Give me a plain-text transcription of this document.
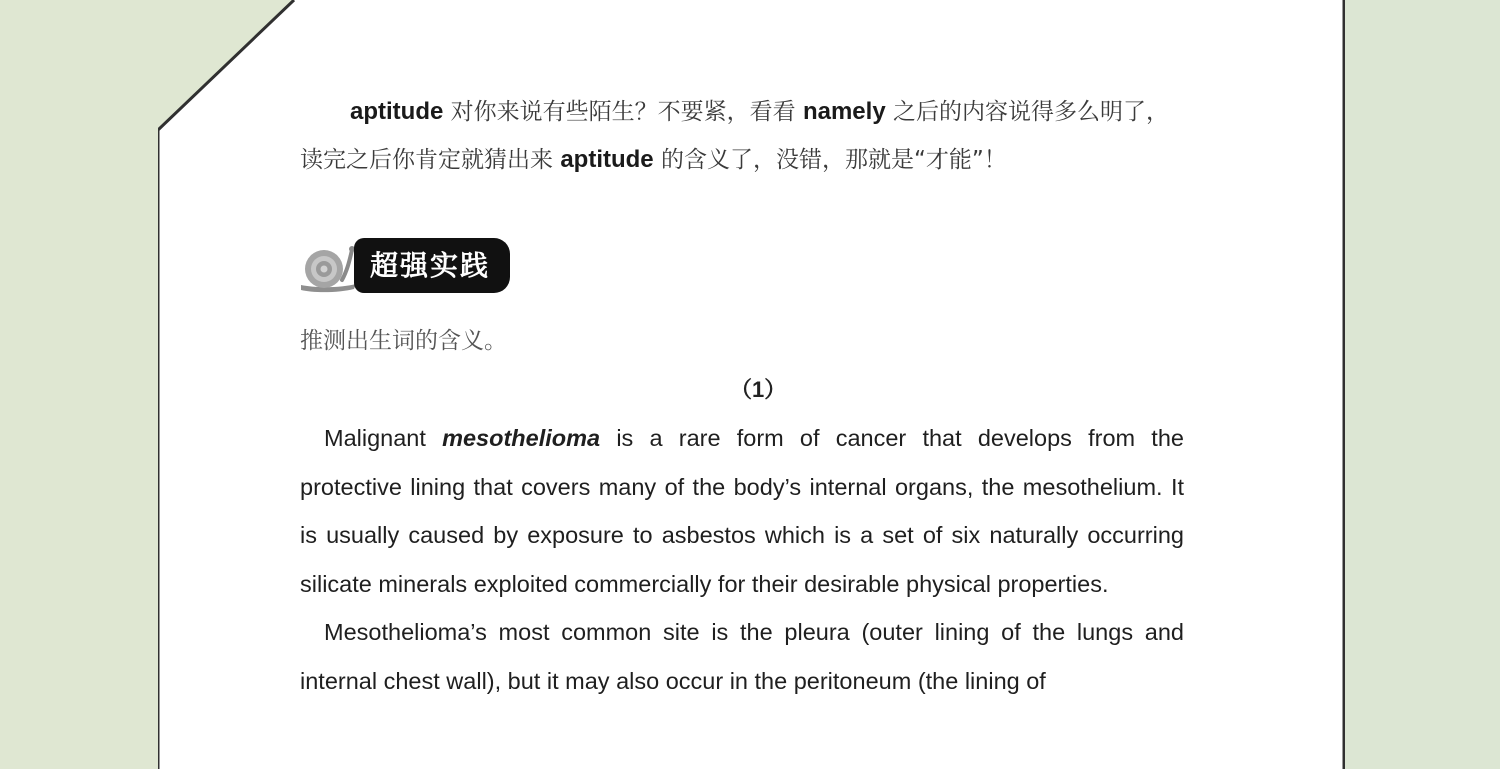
aptitude 对你来说有些陌生？不要紧，看看 namely 之后的内容说得多么明了，读完之后你肯定就猜出来 aptitude 的含义了，没错，那就是“才能”！
超强实践
推测出生词的含义。
（1）

Malignant mesothelioma is a rare form of cancer that develops from the protective lining that covers many of the body’s internal organs, the mesothelium. It is usually caused by exposure to asbestos which is a set of six naturally occurring silicate minerals exploited commercially for their desirable physical properties.

Mesothelioma’s most common site is the pleura (outer lining of the lungs and internal chest wall), but it may also occur in the peritoneum (the lining of
